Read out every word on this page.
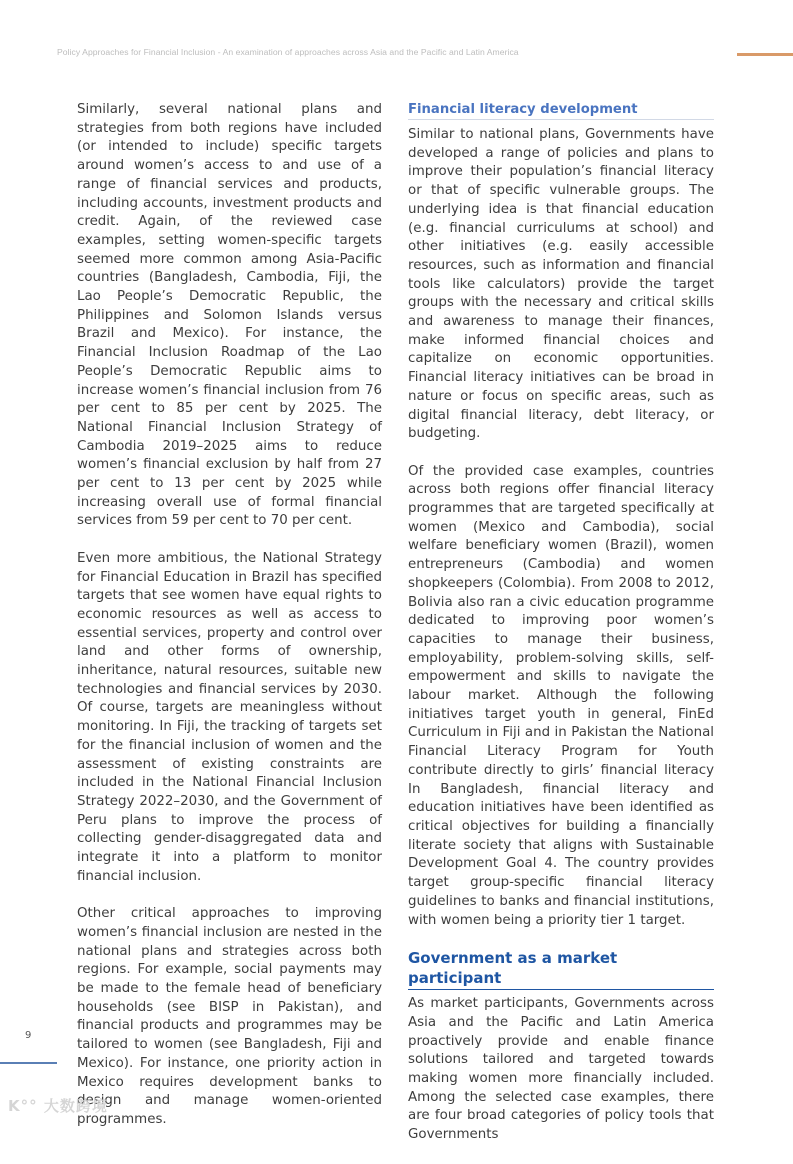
Policy Approaches for Financial Inclusion - An examination of approaches across Asia and the Pacific and Latin America

Similarly, several national plans and strategies from both regions have included (or intended to include) specific targets around women’s access to and use of a range of financial services and products, including accounts, investment products and credit. Again, of the reviewed case examples, setting women-specific targets seemed more common among Asia-Pacific countries (Bangladesh, Cambodia, Fiji, the Lao People’s Democratic Republic, the Philippines and Solomon Islands versus Brazil and Mexico). For instance, the Financial Inclusion Roadmap of the Lao People’s Democratic Republic aims to increase women’s financial inclusion from 76 per cent to 85 per cent by 2025. The National Financial Inclusion Strategy of Cambodia 2019–2025 aims to reduce women’s financial exclusion by half from 27 per cent to 13 per cent by 2025 while increasing overall use of formal financial services from 59 per cent to 70 per cent.

Even more ambitious, the National Strategy for Financial Education in Brazil has specified targets that see women have equal rights to economic resources as well as access to essential services, property and control over land and other forms of ownership, inheritance, natural resources, suitable new technologies and financial services by 2030. Of course, targets are meaningless without monitoring. In Fiji, the tracking of targets set for the financial inclusion of women and the assessment of existing constraints are included in the National Financial Inclusion Strategy 2022–2030, and the Government of Peru plans to improve the process of collecting gender-disaggregated data and integrate it into a platform to monitor financial inclusion.

Other critical approaches to improving women’s financial inclusion are nested in the national plans and strategies across both regions. For example, social payments may be made to the female head of beneficiary households (see BISP in Pakistan), and financial products and programmes may be tailored to women (see Bangladesh, Fiji and Mexico). For instance, one priority action in Mexico requires development banks to design and manage women-oriented programmes.

Financial literacy development

Similar to national plans, Governments have developed a range of policies and plans to improve their population’s financial literacy or that of specific vulnerable groups. The underlying idea is that financial education (e.g. financial curriculums at school) and other initiatives (e.g. easily accessible resources, such as information and financial tools like calculators) provide the target groups with the necessary and critical skills and awareness to manage their finances, make informed financial choices and capitalize on economic opportunities. Financial literacy initiatives can be broad in nature or focus on specific areas, such as digital financial literacy, debt literacy, or budgeting.

Of the provided case examples, countries across both regions offer financial literacy programmes that are targeted specifically at women (Mexico and Cambodia), social welfare beneficiary women (Brazil), women entrepreneurs (Cambodia) and women shopkeepers (Colombia). From 2008 to 2012, Bolivia also ran a civic education programme dedicated to improving poor women’s capacities to manage their business, employability, problem-solving skills, self-empowerment and skills to navigate the labour market. Although the following initiatives target youth in general, FinEd Curriculum in Fiji and in Pakistan the National Financial Literacy Program for Youth contribute directly to girls’ financial literacy In Bangladesh, financial literacy and education initiatives have been identified as critical objectives for building a financially literate society that aligns with Sustainable Development Goal 4. The country provides target group-specific financial literacy guidelines to banks and financial institutions, with women being a priority tier 1 target.

Government as a market participant

As market participants, Governments across Asia and the Pacific and Latin America proactively provide and enable finance solutions tailored and targeted towards making women more financially included. Among the selected case examples, there are four broad categories of policy tools that Governments

9
K°° 大数跨境
